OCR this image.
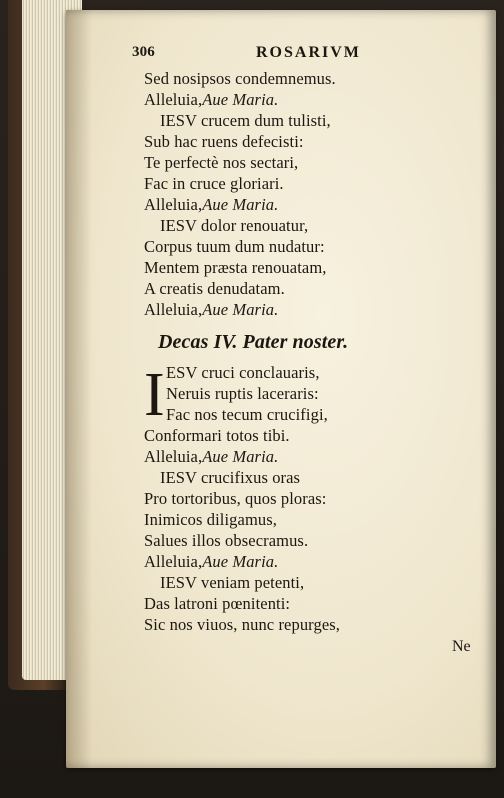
306	ROSARIVM
Sed nosipsos condemnemus.
Alleluia,Aue Maria.
IESV crucem dum tulisti,
Sub hac ruens defecisti:
Te perfectè nos sectari,
Fac in cruce gloriari.
Alleluia,Aue Maria.
IESV dolor renouatur,
Corpus tuum dum nudatur:
Mentem præsta renouatam,
A creatis denudatam.
Alleluia,Aue Maria.
Decas IV. Pater noster.
I ESV cruci conclauaris,
Neruis ruptis laceraris:
Fac nos tecum crucifigi,
Conformari totos tibi.
Alleluia,Aue Maria.
IESV crucifixus oras
Pro tortoribus, quos ploras:
Inimicos diligamus,
Salues illos obsecramus.
Alleluia,Aue Maria.
IESV veniam petenti,
Das latroni pœnitenti:
Sic nos viuos, nunc repurges,
Ne
